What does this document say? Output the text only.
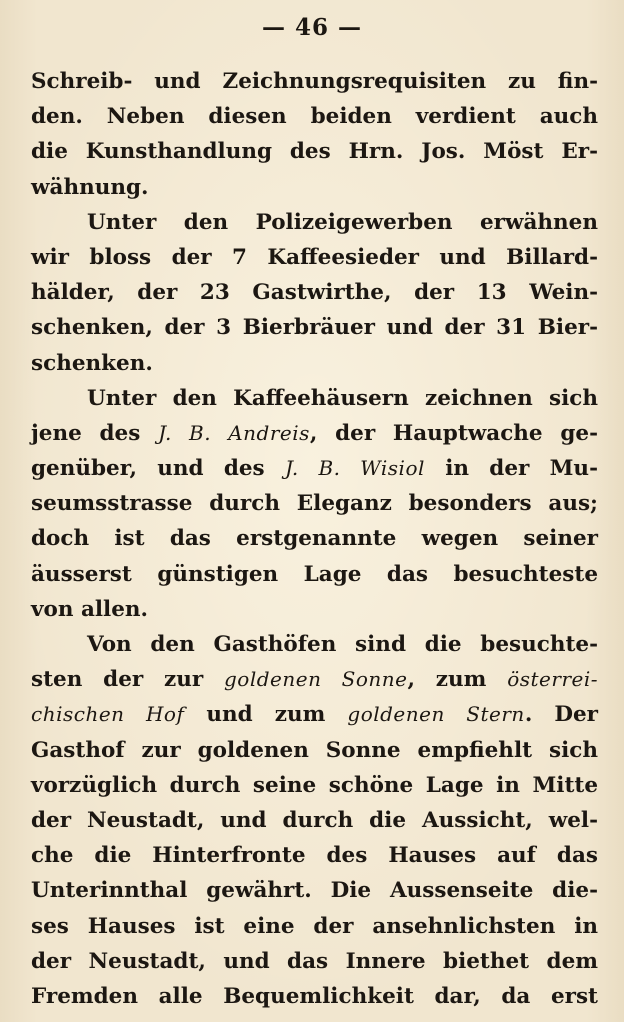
— 46 —
Schreib- und Zeichnungsrequisiten zu fin-
den. Neben diesen beiden verdient auch
die Kunsthandlung des Hrn. Jos. Möst Er-
wähnung.
Unter den Polizeigewerben erwähnen
wir bloss der 7 Kaffeesieder und Billard-
hälder, der 23 Gastwirthe, der 13 Wein-
schenken, der 3 Bierbräuer und der 31 Bier-
schenken.
Unter den Kaffeehäusern zeichnen sich
jene des J. B. Andreis, der Hauptwache ge-
genüber, und des J. B. Wisiol in der Mu-
seumsstrasse durch Eleganz besonders aus;
doch ist das erstgenannte wegen seiner
äusserst günstigen Lage das besuchteste
von allen.
Von den Gasthöfen sind die besuchte-
sten der zur goldenen Sonne, zum österrei-
chischen Hof und zum goldenen Stern. Der
Gasthof zur goldenen Sonne empfiehlt sich
vorzüglich durch seine schöne Lage in Mitte
der Neustadt, und durch die Aussicht, wel-
che die Hinterfronte des Hauses auf das
Unterinnthal gewährt. Die Aussenseite die-
ses Hauses ist eine der ansehnlichsten in
der Neustadt, und das Innere biethet dem
Fremden alle Bequemlichkeit dar, da erst
